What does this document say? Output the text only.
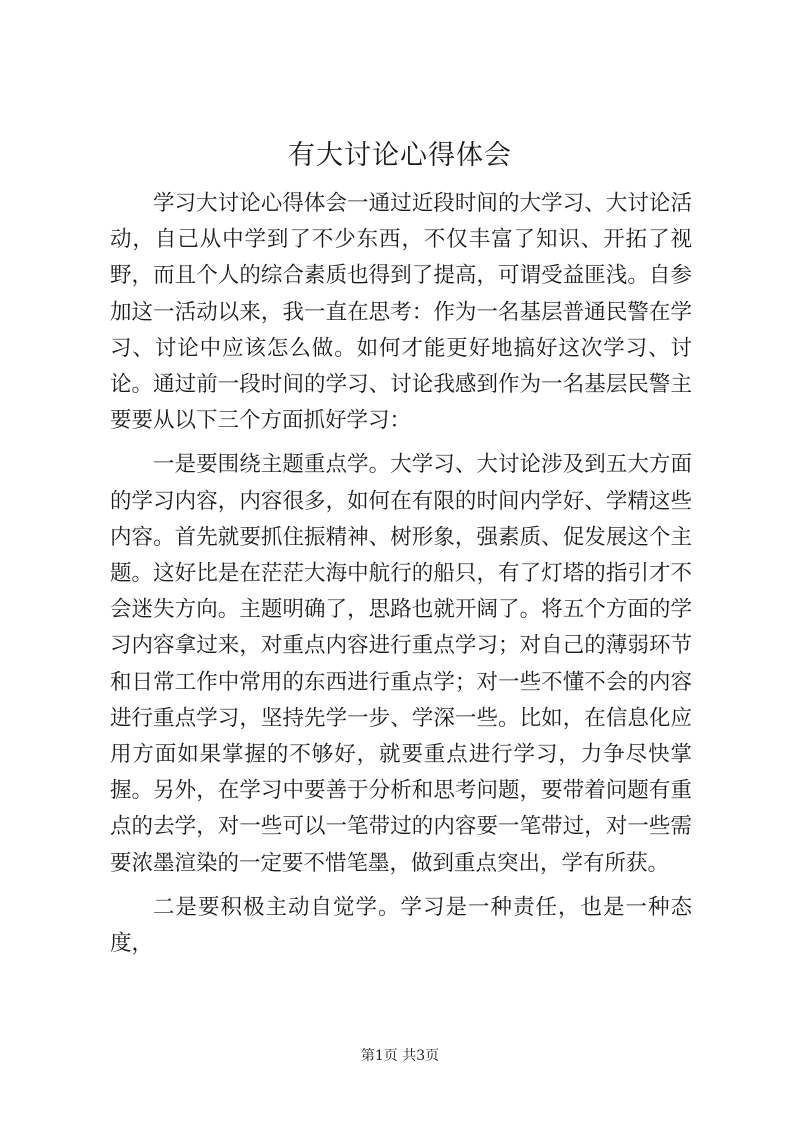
有大讨论心得体会

学习大讨论心得体会一通过近段时间的大学习、大讨论活动，自己从中学到了不少东西，不仅丰富了知识、开拓了视野，而且个人的综合素质也得到了提高，可谓受益匪浅。自参加这一活动以来，我一直在思考：作为一名基层普通民警在学习、讨论中应该怎么做。如何才能更好地搞好这次学习、讨论。通过前一段时间的学习、讨论我感到作为一名基层民警主要要从以下三个方面抓好学习：

一是要围绕主题重点学。大学习、大讨论涉及到五大方面的学习内容，内容很多，如何在有限的时间内学好、学精这些内容。首先就要抓住振精神、树形象，强素质、促发展这个主题。这好比是在茫茫大海中航行的船只，有了灯塔的指引才不会迷失方向。主题明确了，思路也就开阔了。将五个方面的学习内容拿过来，对重点内容进行重点学习；对自己的薄弱环节和日常工作中常用的东西进行重点学；对一些不懂不会的内容进行重点学习，坚持先学一步、学深一些。比如，在信息化应用方面如果掌握的不够好，就要重点进行学习，力争尽快掌握。另外，在学习中要善于分析和思考问题，要带着问题有重点的去学，对一些可以一笔带过的内容要一笔带过，对一些需要浓墨渲染的一定要不惜笔墨，做到重点突出，学有所获。

二是要积极主动自觉学。学习是一种责任，也是一种态度，

第1页 共3页
